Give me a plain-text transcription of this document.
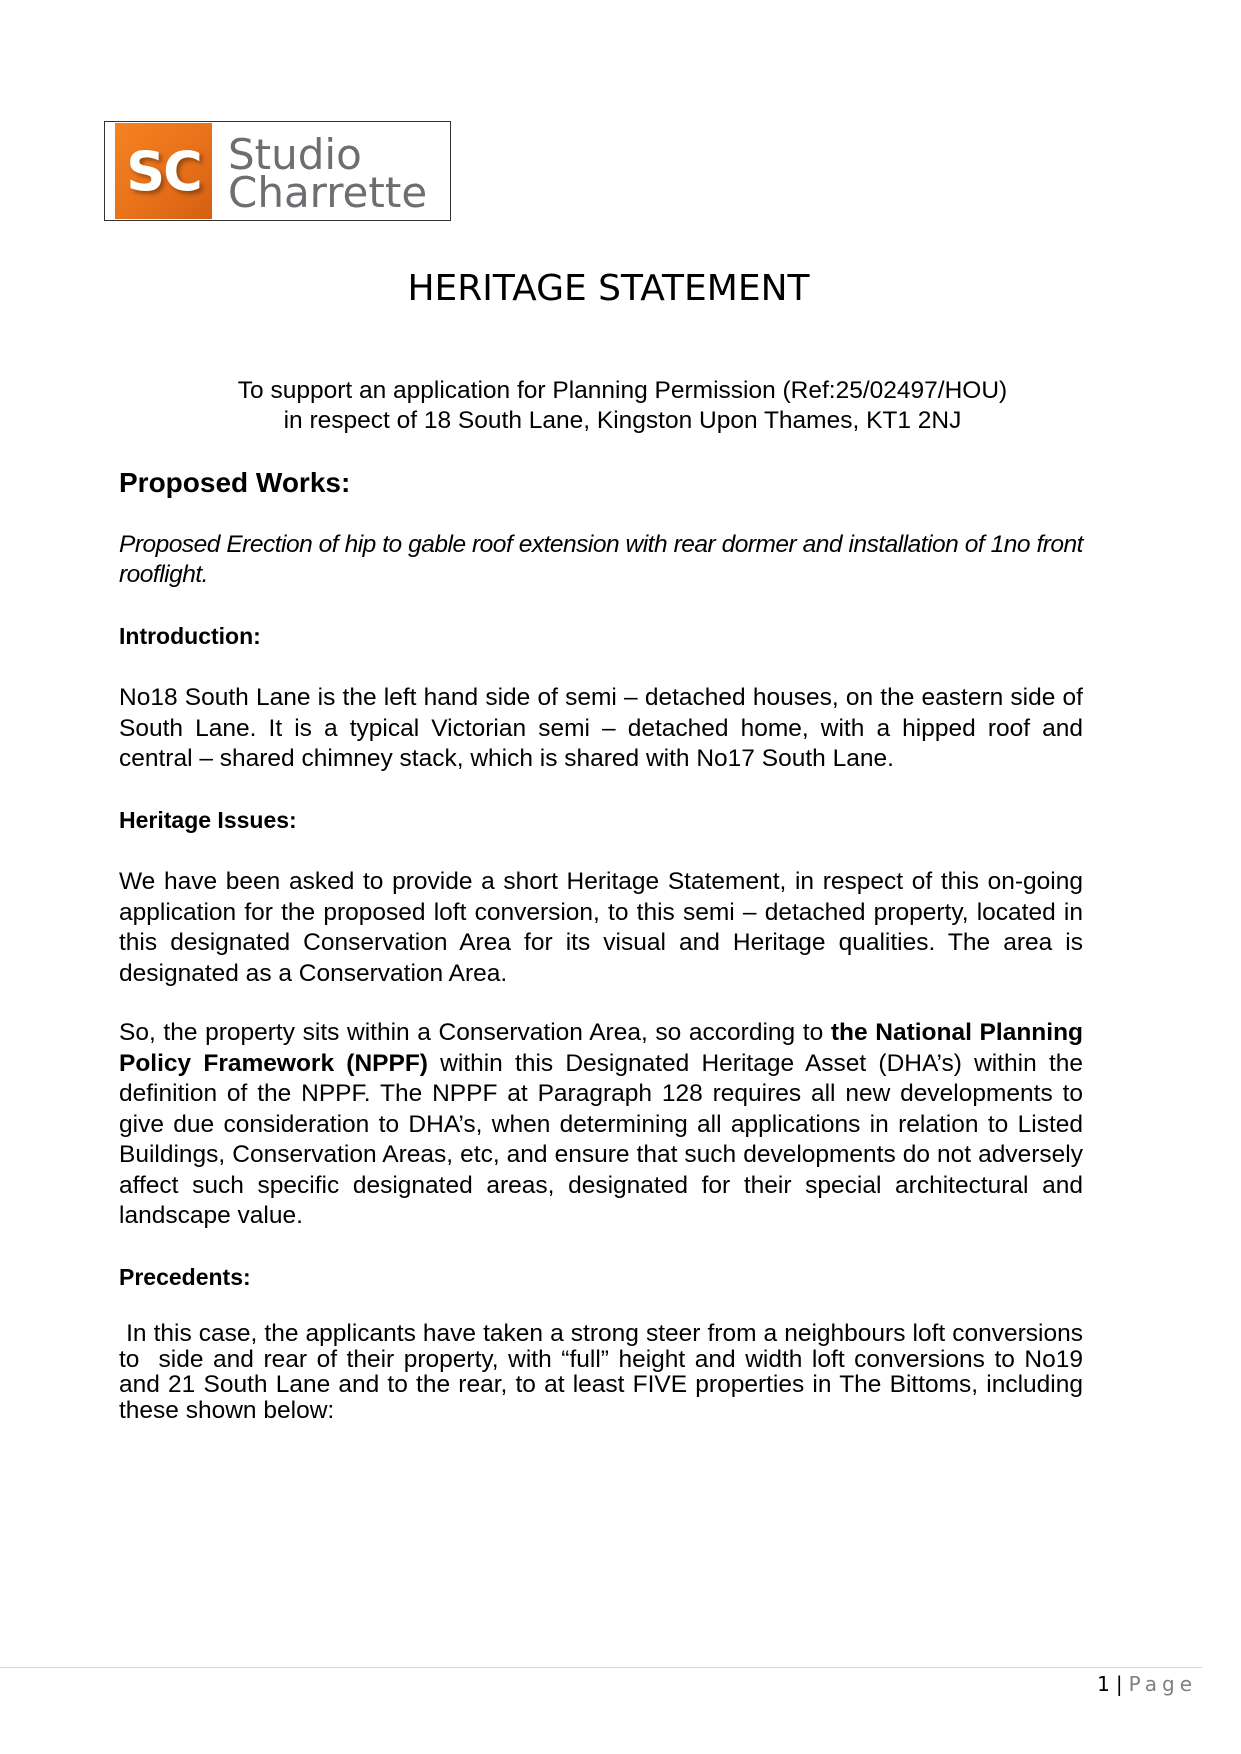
SC Studio
Charrette
HERITAGE STATEMENT
To support an application for Planning Permission (Ref:25/02497/HOU)
in respect of 18 South Lane, Kingston Upon Thames, KT1 2NJ
Proposed Works:

Proposed Erection of hip to gable roof extension with rear dormer and installation of 1no front rooflight.

Introduction:

No18 South Lane is the left hand side of semi – detached houses, on the eastern side of South Lane. It is a typical Victorian semi – detached home, with a hipped roof and central – shared chimney stack, which is shared with No17 South Lane.

Heritage Issues:

We have been asked to provide a short Heritage Statement, in respect of this on-going application for the proposed loft conversion, to this semi – detached property, located in this designated Conservation Area for its visual and Heritage qualities. The area is designated as a Conservation Area.

So, the property sits within a Conservation Area, so according to the National Planning Policy Framework (NPPF) within this Designated Heritage Asset (DHA’s) within the definition of the NPPF. The NPPF at Paragraph 128 requires all new developments to give due consideration to DHA’s, when determining all applications in relation to Listed Buildings, Conservation Areas, etc, and ensure that such developments do not adversely affect such specific designated areas, designated for their special architectural and landscape value.

Precedents:

In this case, the applicants have taken a strong steer from a neighbours loft conversions to  side and rear of their property, with “full” height and width loft conversions to No19 and 21 South Lane and to the rear, to at least FIVE properties in The Bittoms, including these shown below:

1 | Page
